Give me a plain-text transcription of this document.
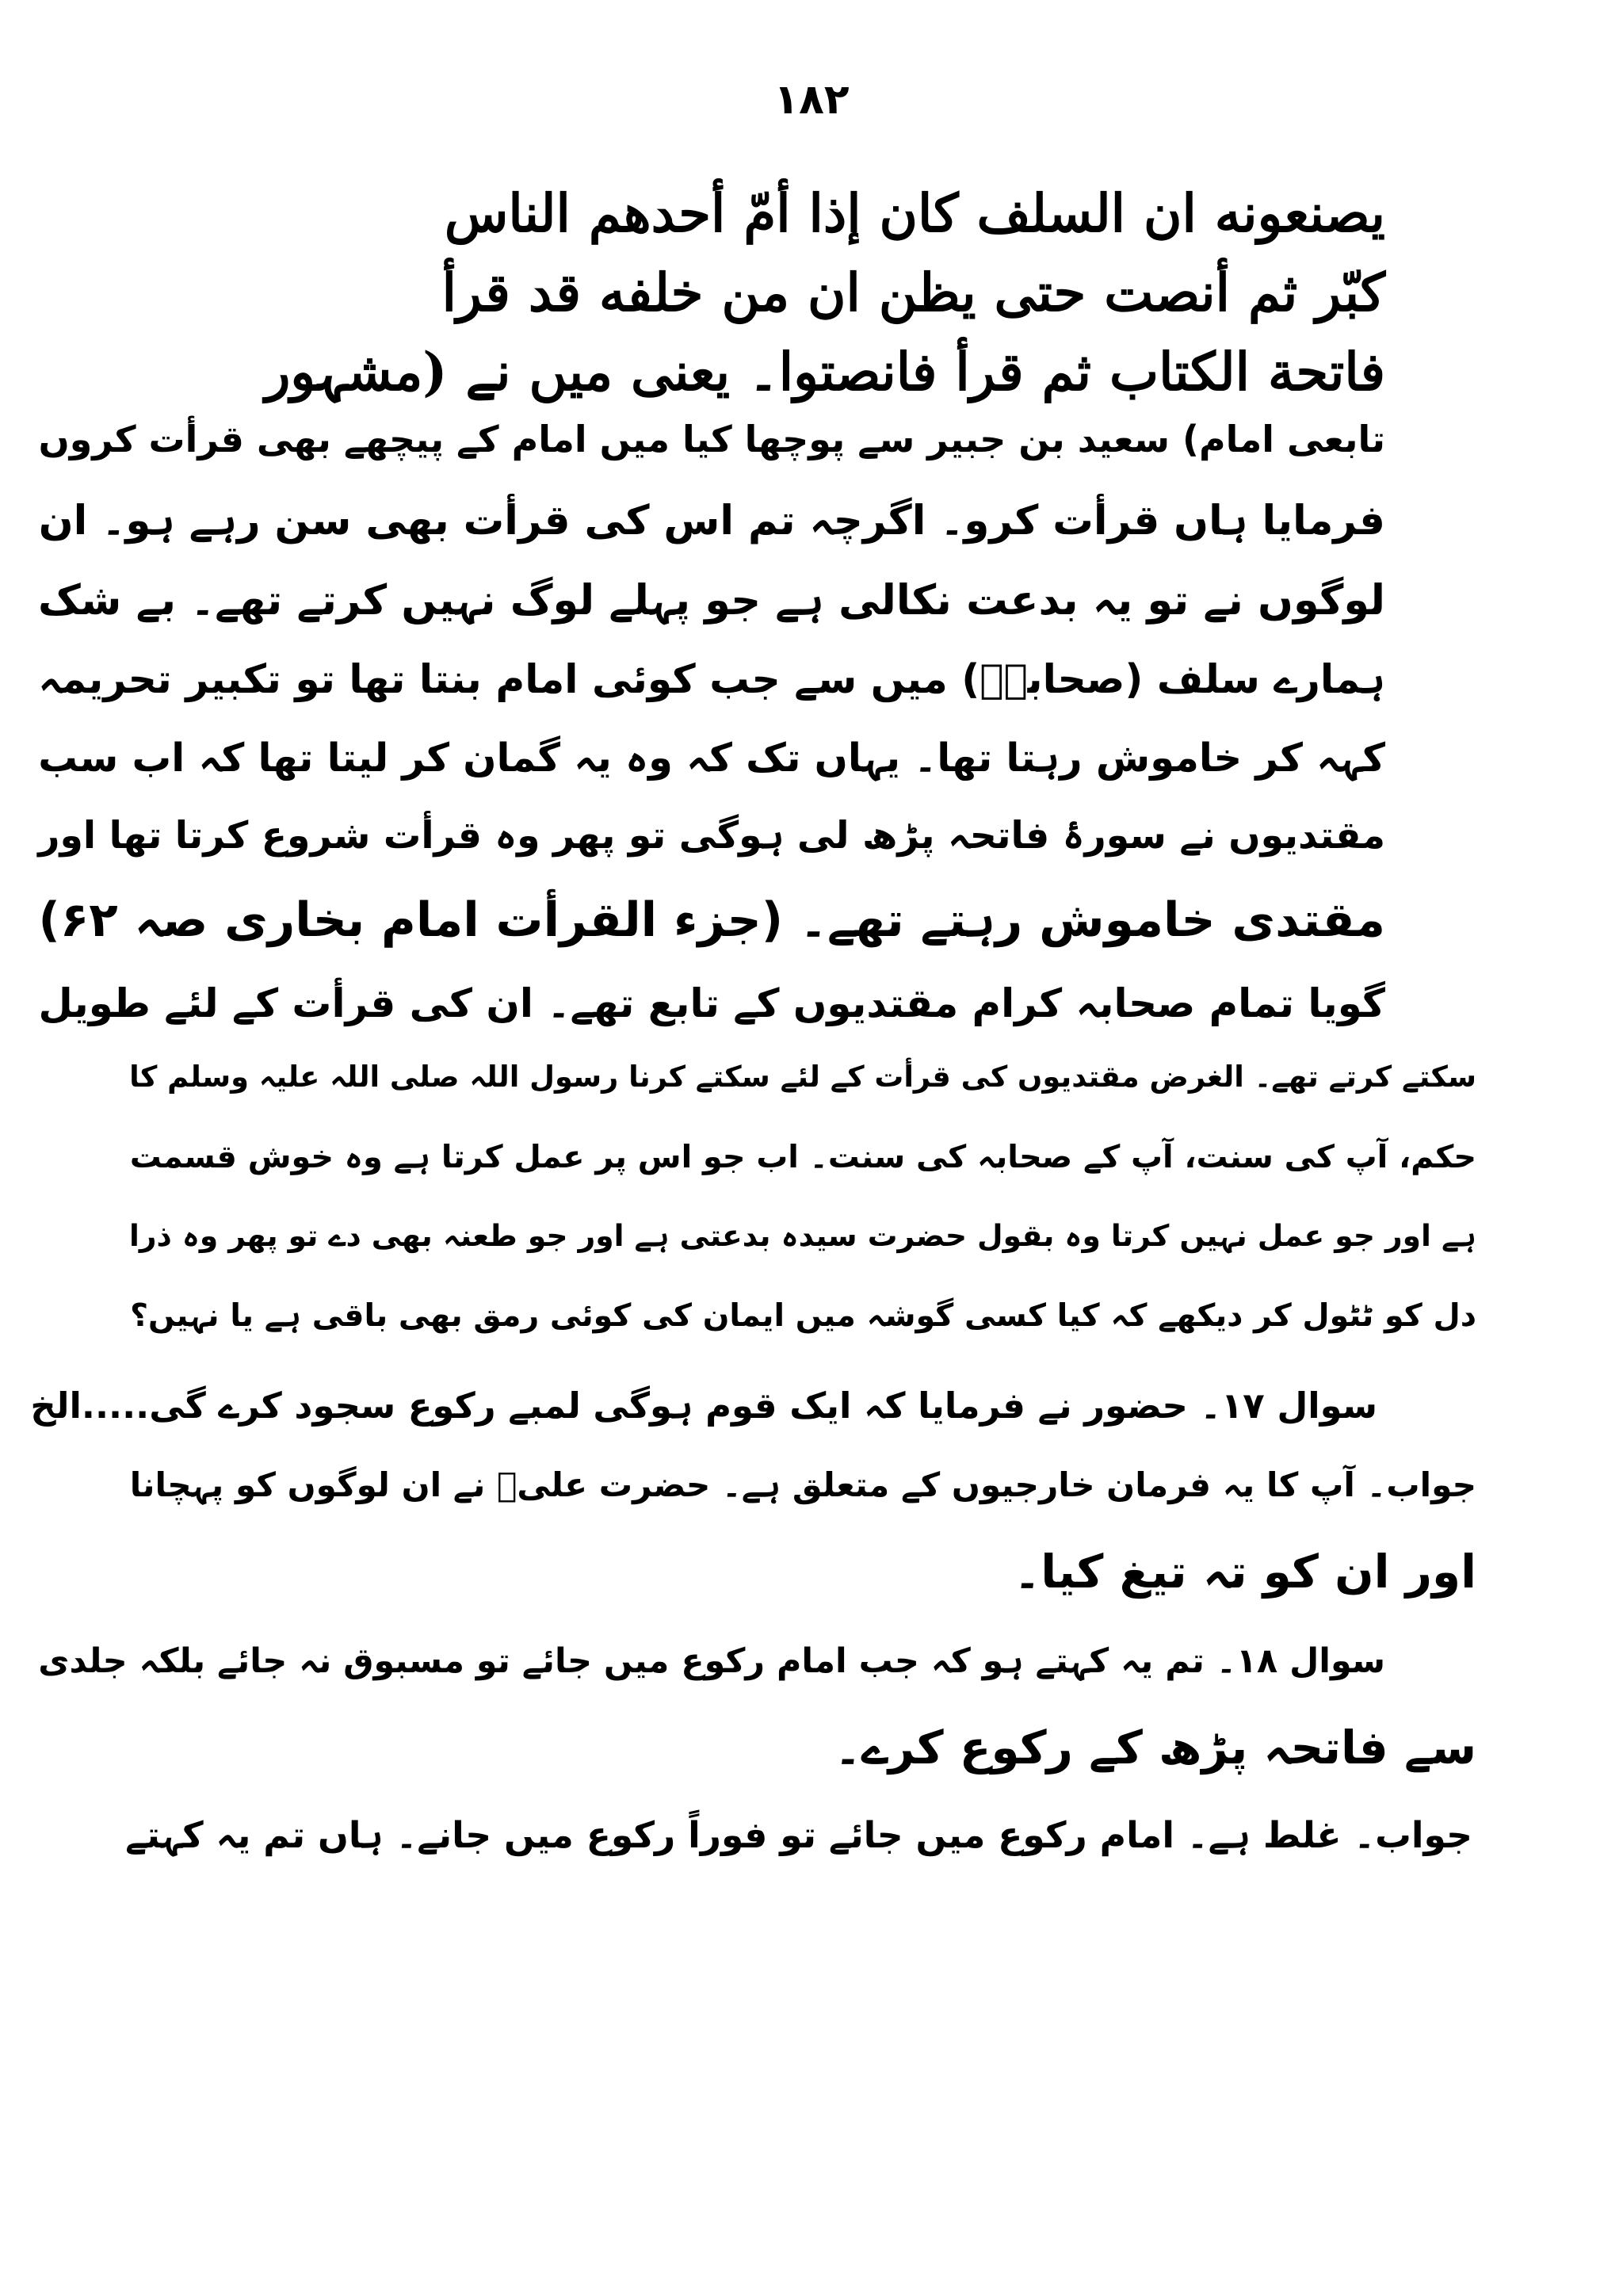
۱۸۲
يصنعونه ان السلف كان إذا أمّ أحدهم الناس
كبّر ثم أنصت حتى يظن ان من خلفه قد قرأ
فاتحة الكتاب ثم قرأ فانصتوا۔ یعنی میں نے (مشہور
تابعی امام) سعید بن جبیر سے پوچھا کیا میں امام کے پیچھے بھی قرأت کروں
فرمایا ہاں قرأت کرو۔ اگرچہ تم اس کی قرأت بھی سن رہے ہو۔ ان
لوگوں نے تو یہ بدعت نکالی ہے جو پہلے لوگ نہیں کرتے تھے۔ بے شک
ہمارے سلف (صحابہؓ) میں سے جب کوئی امام بنتا تھا تو تکبیر تحریمہ
کہہ کر خاموش رہتا تھا۔ یہاں تک کہ وہ یہ گمان کر لیتا تھا کہ اب سب
مقتدیوں نے سورۂ فاتحہ پڑھ لی ہوگی تو پھر وہ قرأت شروع کرتا تھا اور
مقتدی خاموش رہتے تھے۔ (جزء القرأت امام بخاری صہ ۶۲)
گویا تمام صحابہ کرام مقتدیوں کے تابع تھے۔ ان کی قرأت کے لئے طویل
سکتے کرتے تھے۔ الغرض مقتدیوں کی قرأت کے لئے سکتے کرنا رسول اللہ صلی اللہ علیہ وسلم کا
حکم، آپ کی سنت، آپ کے صحابہ کی سنت۔ اب جو اس پر عمل کرتا ہے وہ خوش قسمت
ہے اور جو عمل نہیں کرتا وہ بقول حضرت سیدہ بدعتی ہے اور جو طعنہ بھی دے تو پھر وہ ذرا
دل کو ٹٹول کر دیکھے کہ کیا کسی گوشہ میں ایمان کی کوئی رمق بھی باقی ہے یا نہیں؟
سوال ۱۷۔ حضور نے فرمایا کہ ایک قوم ہوگی لمبے رکوع سجود کرے گی.....الخ
جواب۔ آپ کا یہ فرمان خارجیوں کے متعلق ہے۔ حضرت علیؓ نے ان لوگوں کو پہچانا
اور ان کو تہ تیغ کیا۔
سوال ۱۸۔ تم یہ کہتے ہو کہ جب امام رکوع میں جائے تو مسبوق نہ جائے بلکہ جلدی
سے فاتحہ پڑھ کے رکوع کرے۔
جواب۔ غلط ہے۔ امام رکوع میں جائے تو فوراً رکوع میں جانے۔ ہاں تم یہ کہتے
